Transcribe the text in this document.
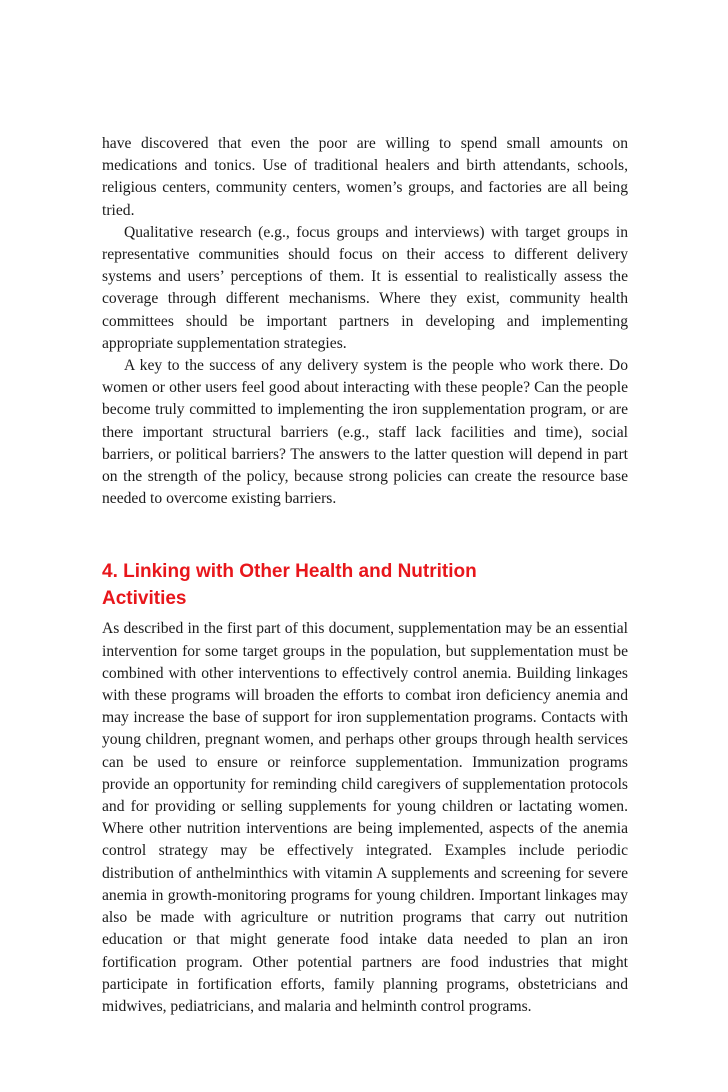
have discovered that even the poor are willing to spend small amounts on medications and tonics. Use of traditional healers and birth attendants, schools, religious centers, community centers, women’s groups, and factories are all being tried.

Qualitative research (e.g., focus groups and interviews) with target groups in representative communities should focus on their access to different delivery systems and users’ perceptions of them. It is essential to realistically assess the coverage through different mechanisms. Where they exist, community health committees should be important partners in developing and implementing appropriate supplementation strategies.

A key to the success of any delivery system is the people who work there. Do women or other users feel good about interacting with these people? Can the people become truly committed to implementing the iron supplementation program, or are there important structural barriers (e.g., staff lack facilities and time), social barriers, or political barriers? The answers to the latter question will depend in part on the strength of the policy, because strong policies can create the resource base needed to overcome existing barriers.

4. Linking with Other Health and Nutrition
Activities

As described in the first part of this document, supplementation may be an essential intervention for some target groups in the population, but supplementation must be combined with other interventions to effectively control anemia. Building linkages with these programs will broaden the efforts to combat iron deficiency anemia and may increase the base of support for iron supplementation programs. Contacts with young children, pregnant women, and perhaps other groups through health services can be used to ensure or reinforce supplementation. Immunization programs provide an opportunity for reminding child caregivers of supplementation protocols and for providing or selling supplements for young children or lactating women. Where other nutrition interventions are being implemented, aspects of the anemia control strategy may be effectively integrated. Examples include periodic distribution of anthelminthics with vitamin A supplements and screening for severe anemia in growth-monitoring programs for young children. Important linkages may also be made with agriculture or nutrition programs that carry out nutrition education or that might generate food intake data needed to plan an iron fortification program. Other potential partners are food industries that might participate in fortification efforts, family planning programs, obstetricians and midwives, pediatricians, and malaria and helminth control programs.
